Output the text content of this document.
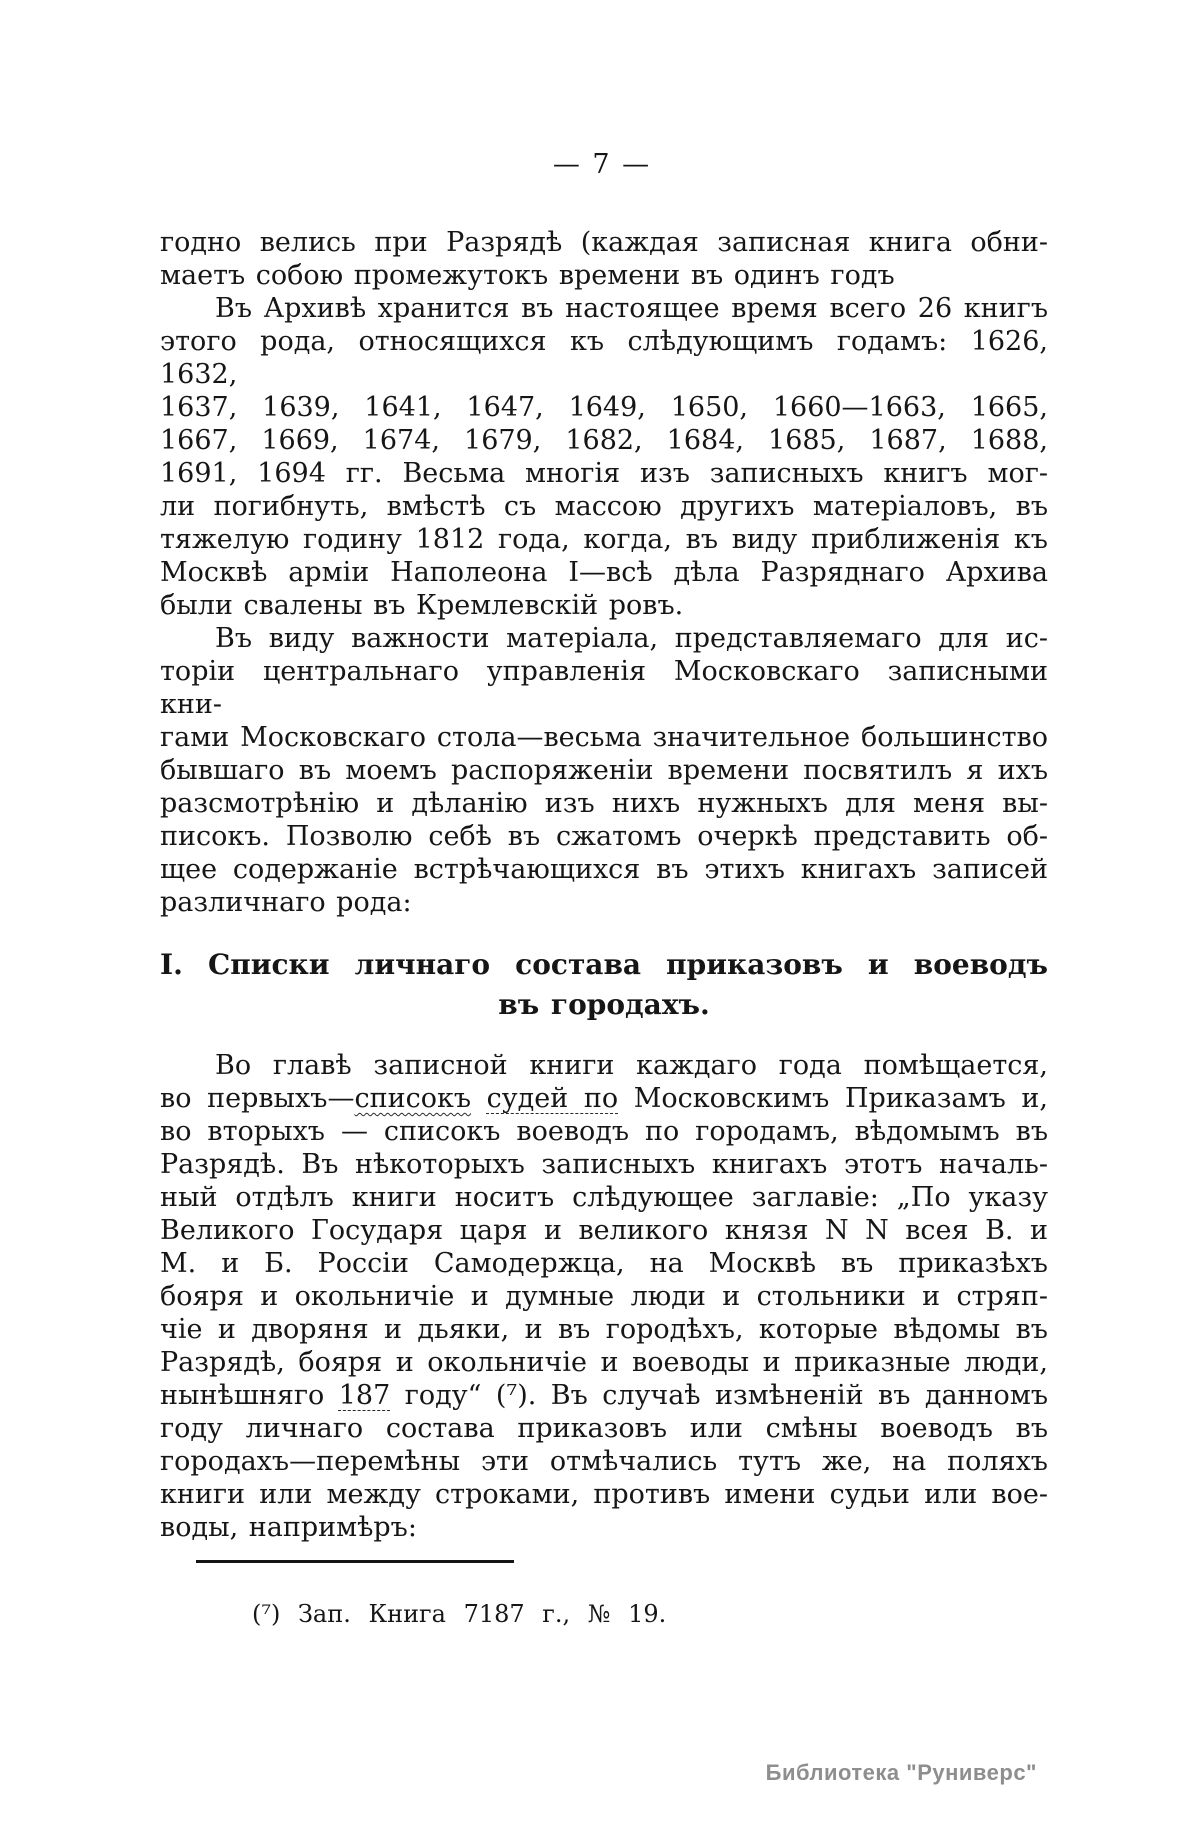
— 7 —
годно велись при Разрядѣ (каждая записная книга обни-
маетъ собою промежутокъ времени въ одинъ годъ
Въ Архивѣ хранится въ настоящее время всего 26 книгъ
этого рода, относящихся къ слѣдующимъ годамъ: 1626, 1632,
1637, 1639, 1641, 1647, 1649, 1650, 1660—1663, 1665,
1667, 1669, 1674, 1679, 1682, 1684, 1685, 1687, 1688,
1691, 1694 гг. Весьма многія изъ записныхъ книгъ мог-
ли погибнуть, вмѣстѣ съ массою другихъ матеріаловъ, въ
тяжелую годину 1812 года, когда, въ виду приближенія къ
Москвѣ арміи Наполеона I—всѣ дѣла Разряднаго Архива
были свалены въ Кремлевскій ровъ.
Въ виду важности матеріала, представляемаго для ис-
торіи центральнаго управленія Московскаго записными кни-
гами Московскаго стола—весьма значительное большинство
бывшаго въ моемъ распоряженіи времени посвятилъ я ихъ
разсмотрѣнію и дѣланію изъ нихъ нужныхъ для меня вы-
писокъ. Позволю себѣ въ сжатомъ очеркѣ представить об-
щее содержаніе встрѣчающихся въ этихъ книгахъ записей
различнаго рода:
I. Списки личнаго состава приказовъ и воеводъ
въ городахъ.
Во главѣ записной книги каждаго года помѣщается,
во первыхъ—списокъ судей по Московскимъ Приказамъ и,
во вторыхъ — списокъ воеводъ по городамъ, вѣдомымъ въ
Разрядѣ. Въ нѣкоторыхъ записныхъ книгахъ этотъ началь-
ный отдѣлъ книги носитъ слѣдующее заглавіе: „По указу
Великого Государя царя и великого князя N N всея В. и
М. и Б. Россіи Самодержца, на Москвѣ въ приказѣхъ
бояря и окольничіе и думные люди и стольники и стряп-
чіе и дворяня и дьяки, и въ городѣхъ, которые вѣдомы въ
Разрядѣ, бояря и окольничіе и воеводы и приказные люди,
нынѣшняго 187 году“ (⁷). Въ случаѣ измѣненій въ данномъ
году личнаго состава приказовъ или смѣны воеводъ въ
городахъ—перемѣны эти отмѣчались тутъ же, на поляхъ
книги или между строками, противъ имени судьи или вое-
воды, напримѣръ:
(⁷) Зап. Книга 7187 г., № 19.
Библиотека "Руниверс"
